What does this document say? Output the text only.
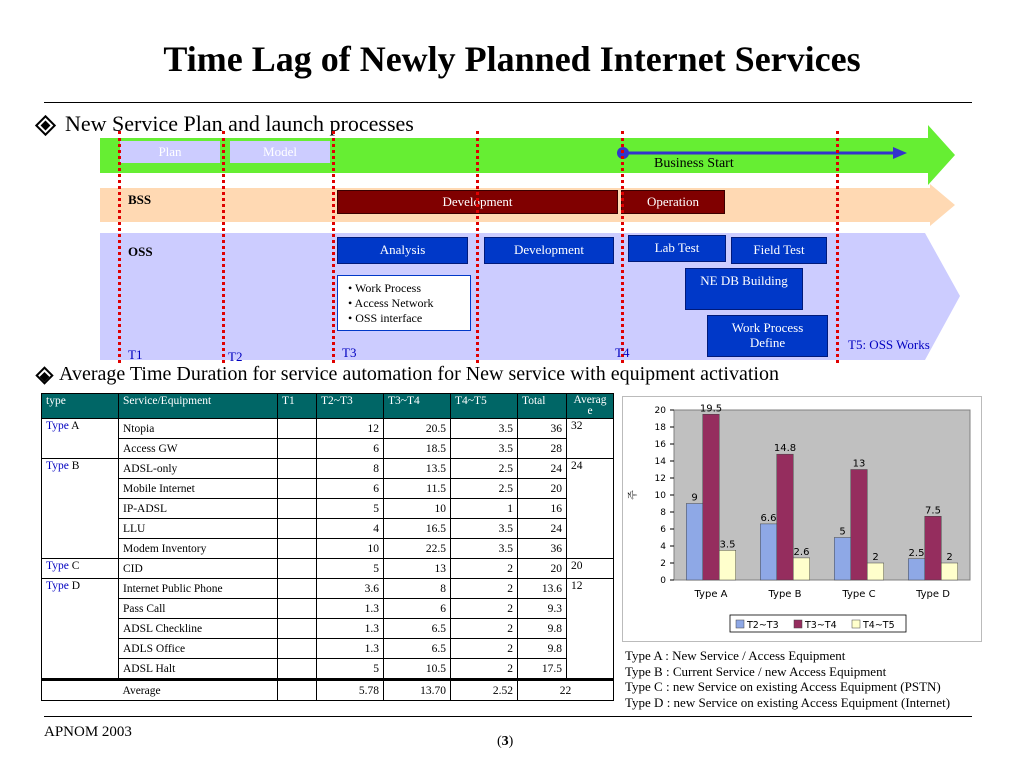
Time Lag of Newly Planned Internet Services
New Service Plan and launch processes
Plan	Model
Business Start
BSS	Development	Operation
OSS	Analysis	Development	Lab Test	Field Test
NE DB Building
Work Process Define
• Work Process
• Access Network
• OSS interface
T1	T2	T3	T4
T5: OSS Works
Average Time Duration for service automation for New service with equipment activation
type	Service/Equipment	T1	T2~T3	T3~T4	T4~T5	Total	Average
Type A	Ntopia		12	20.5	3.5	36	32
	Access GW		6	18.5	3.5	28	
Type B	ADSL-only		8	13.5	2.5	24	24
	Mobile Internet		6	11.5	2.5	20	
	IP-ADSL		5	10	1	16	
	LLU		4	16.5	3.5	24	
	Modem Inventory		10	22.5	3.5	36	
Type C	CID		5	13	2	20	20
Type D	Internet Public Phone		3.6	8	2	13.6	12
	Pass Call		1.3	6	2	9.3	
	ADSL Checkline		1.3	6.5	2	9.8	
	ADLS Office		1.3	6.5	2	9.8	
	ADSL Halt		5	10.5	2	17.5	
	Average		5.78	13.70	2.52	22	
0
2
4
6
8
10
12
14
16
18
20
주	9
19.5
3.5
Type A
6.6
14.8
2.6
Type B
5
13
2
Type C
2.5
7.5
2
Type D
T2~T3	T3~T4	T4~T5
Type A : New Service / Access Equipment
Type B : Current Service / new Access Equipment
Type C : new Service on existing Access Equipment (PSTN)
Type D : new Service on existing Access Equipment (Internet)
APNOM 2003
(3)
